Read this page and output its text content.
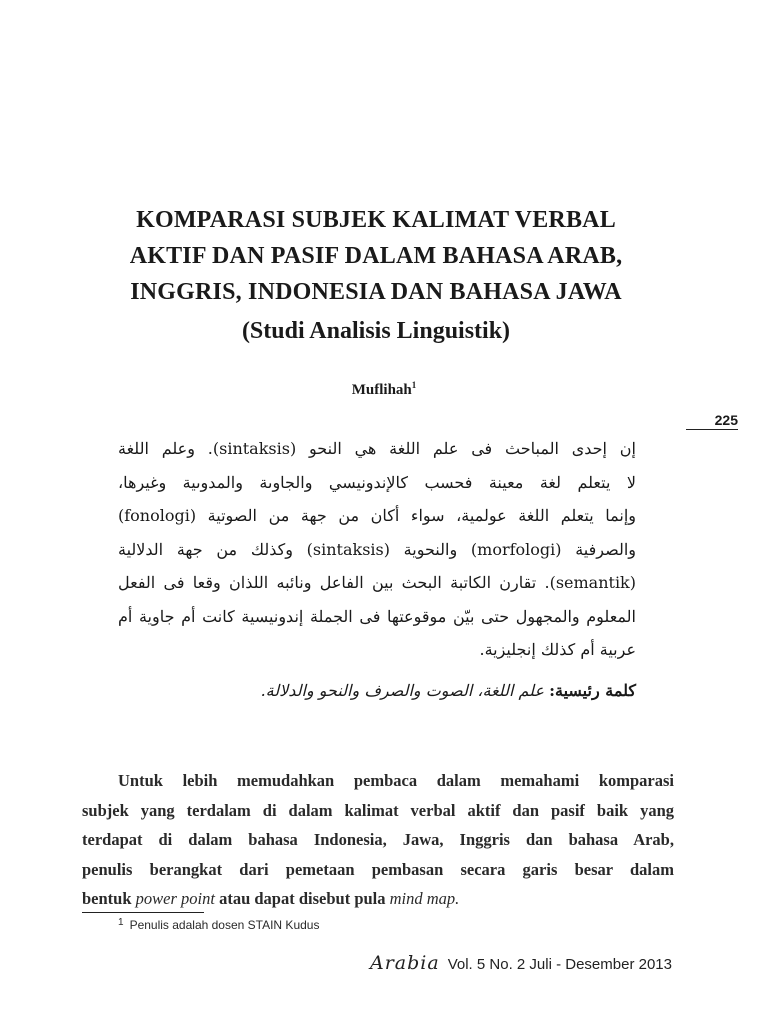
KOMPARASI SUBJEK KALIMAT VERBAL
AKTIF DAN PASIF DALAM BAHASA ARAB,
INGGRIS, INDONESIA DAN BAHASA JAWA
(Studi Analisis Linguistik)
Muflihah$^1$
225
إن إحدى المباحث فى علم اللغة هي النحو (sintaksis). وعلم اللغة
لا يتعلم لغة معينة فحسب كالإندونيسي والجاوىة والمدوىية وغيرها،
وإنما يتعلم اللغة عولمية، سواء أكان من جهة من الصوتية (fonologi)
والصرفية (morfologi) والنحوية (sintaksis) وكذلك من جهة الدلالية
(semantik). تقارن الكاتبة البحث بين الفاعل ونائبه اللذان وقعا فى الفعل
المعلوم والمجهول حتى بيّن موقوعتها فى الجملة إندونيسية كانت أم جاوية أم
عربية أم كذلك إنجليزية.
كلمة رئيسية: علم اللغة، الصوت والصرف والنحو والدلالة.
Untuk lebih memudahkan pembaca dalam memahami komparasi
subjek yang terdalam di dalam kalimat verbal aktif dan pasif baik yang
terdapat di dalam bahasa Indonesia, Jawa, Inggris dan bahasa Arab,
penulis berangkat dari pemetaan pembasan secara garis besar dalam
bentuk power point atau dapat disebut pula mind map.
$^1$ Penulis adalah dosen STAIN Kudus
Arabia Vol. 5 No. 2 Juli - Desember 2013
